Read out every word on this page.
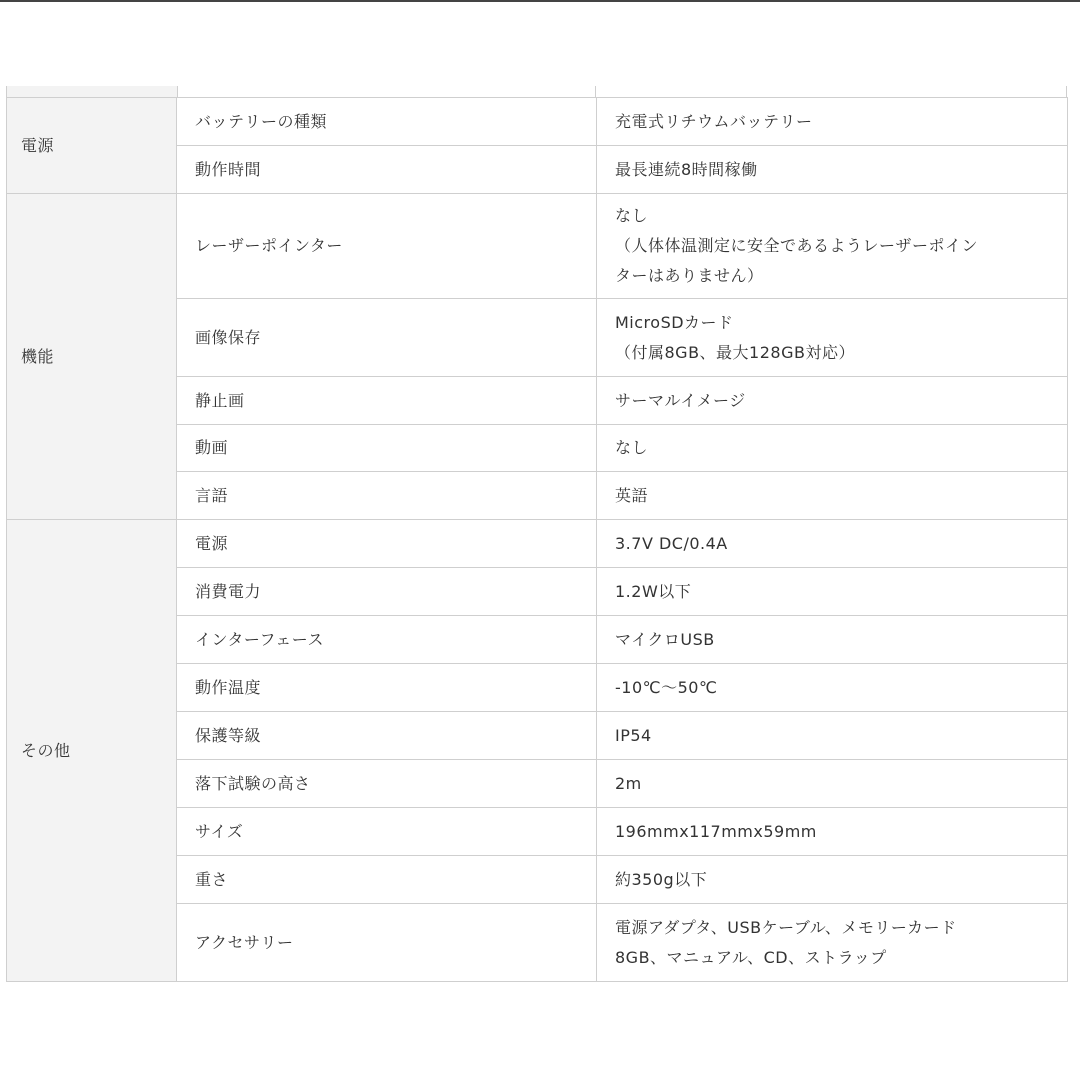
電源	バッテリーの種類	充電式リチウムバッテリー
	動作時間	最長連続8時間稼働
機能	レーザーポインター	なし
（人体体温測定に安全であるようレーザーポイン
ターはありません）
	画像保存	MicroSDカード
（付属8GB、最大128GB対応）
	静止画	サーマルイメージ
	動画	なし
	言語	英語
その他	電源	3.7V DC/0.4A
	消費電力	1.2W以下
	インターフェース	マイクロUSB
	動作温度	-10℃～50℃
	保護等級	IP54
	落下試験の高さ	2m
	サイズ	196mmx117mmx59mm
	重さ	約350g以下
	アクセサリー	電源アダプタ、USBケーブル、メモリーカード
8GB、マニュアル、CD、ストラップ
